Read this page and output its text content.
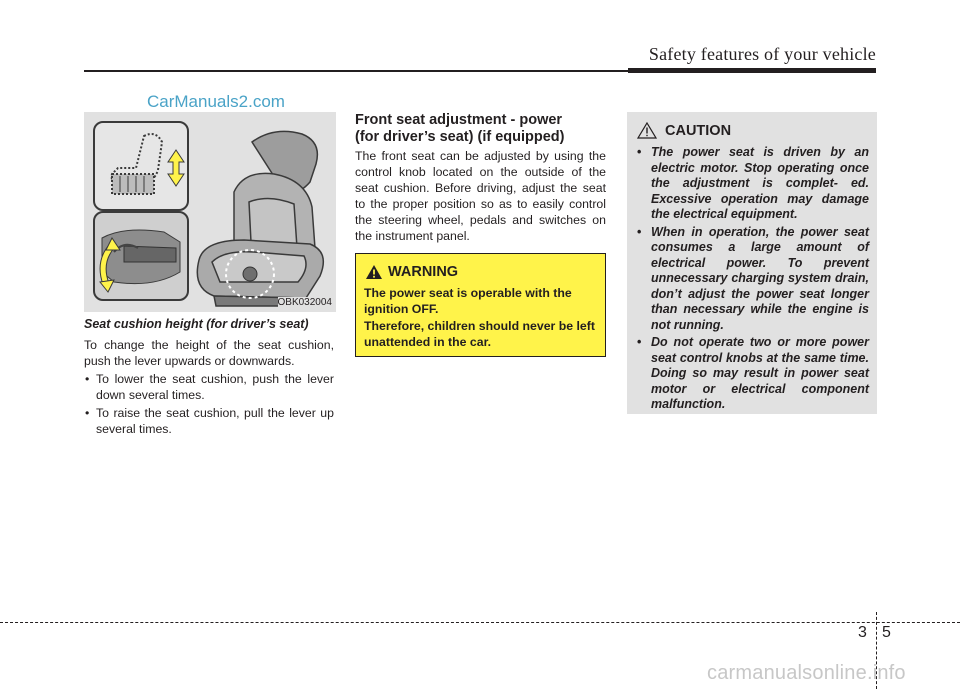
Safety features of your vehicle
CarManuals2.com
OBK032004
Seat cushion height (for driver’s seat)

To change the height of the seat cushion, push the lever upwards or downwards.

• To lower the seat cushion, push the lever down several times.
• To raise the seat cushion, pull the lever up several times.
Front seat adjustment - power
(for driver’s seat) (if equipped)
The front seat can be adjusted by using the control knob located on the outside of the seat cushion. Before driving, adjust the seat to the proper position so as to easily control the steering wheel, pedals and switches on the instrument panel.
WARNING

The power seat is operable with the ignition OFF.

Therefore, children should never be left unattended in the car.

CAUTION
• The power seat is driven by an electric motor. Stop operating once the adjustment is complet- ed. Excessive operation may damage the electrical equipment.
• When in operation, the power seat consumes a large amount of electrical power. To prevent unnecessary charging system drain, don’t adjust the power seat longer than necessary while the engine is not running.
• Do not operate two or more power seat control knobs at the same time. Doing so may result in power seat motor or electrical component malfunction.
3 5
carmanualsonline.info
